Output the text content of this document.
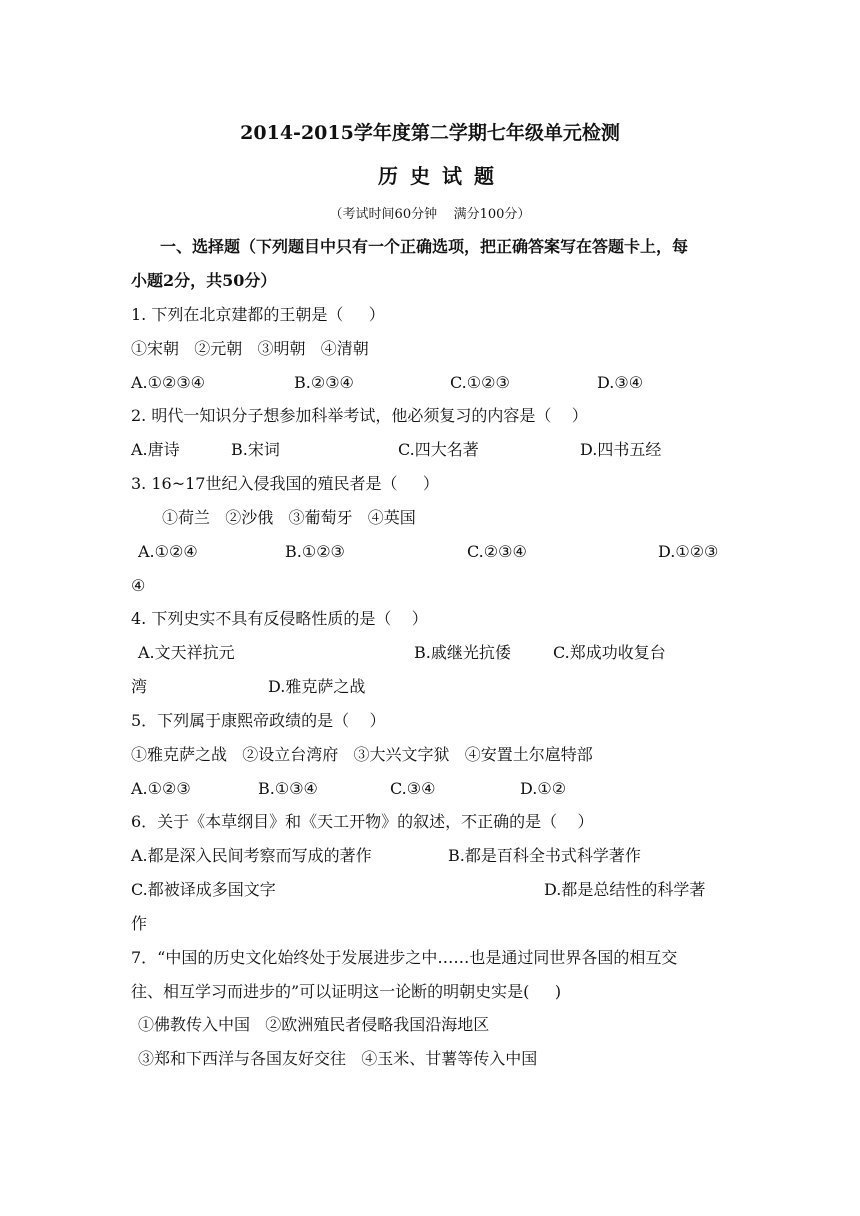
2014-2015学年度第二学期七年级单元检测
历史试题
（考试时间60分钟    满分100分）
一、选择题（下列题目中只有一个正确选项，把正确答案写在答题卡上，每
小题2分，共50分）
1. 下列在北京建都的王朝是（     ）
①宋朝   ②元朝   ③明朝   ④清朝
A.①②③④	B.②③④	C.①②③	D.③④
2. 明代一知识分子想参加科举考试，他必须复习的内容是（    ）
A.唐诗	B.宋词	C.四大名著	D.四书五经
3. 16~17世纪入侵我国的殖民者是（     ）
①荷兰   ②沙俄   ③葡萄牙   ④英国
A.①②④	B.①②③	C.②③④	D.①②③
④
4. 下列史实不具有反侵略性质的是（    ）
A.文天祥抗元	B.戚继光抗倭	C.郑成功收复台
湾	D.雅克萨之战
5．下列属于康熙帝政绩的是（    ）
①雅克萨之战   ②设立台湾府   ③大兴文字狱   ④安置土尔扈特部
A.①②③	B.①③④	C.③④	D.①②
6．关于《本草纲目》和《天工开物》的叙述，不正确的是（    ）
A.都是深入民间考察而写成的著作	B.都是百科全书式科学著作
C.都被译成多国文字	D.都是总结性的科学著
作
7．“中国的历史文化始终处于发展进步之中……也是通过同世界各国的相互交
往、相互学习而进步的”可以证明这一论断的明朝史实是(     )
①佛教传入中国   ②欧洲殖民者侵略我国沿海地区
③郑和下西洋与各国友好交往   ④玉米、甘薯等传入中国
